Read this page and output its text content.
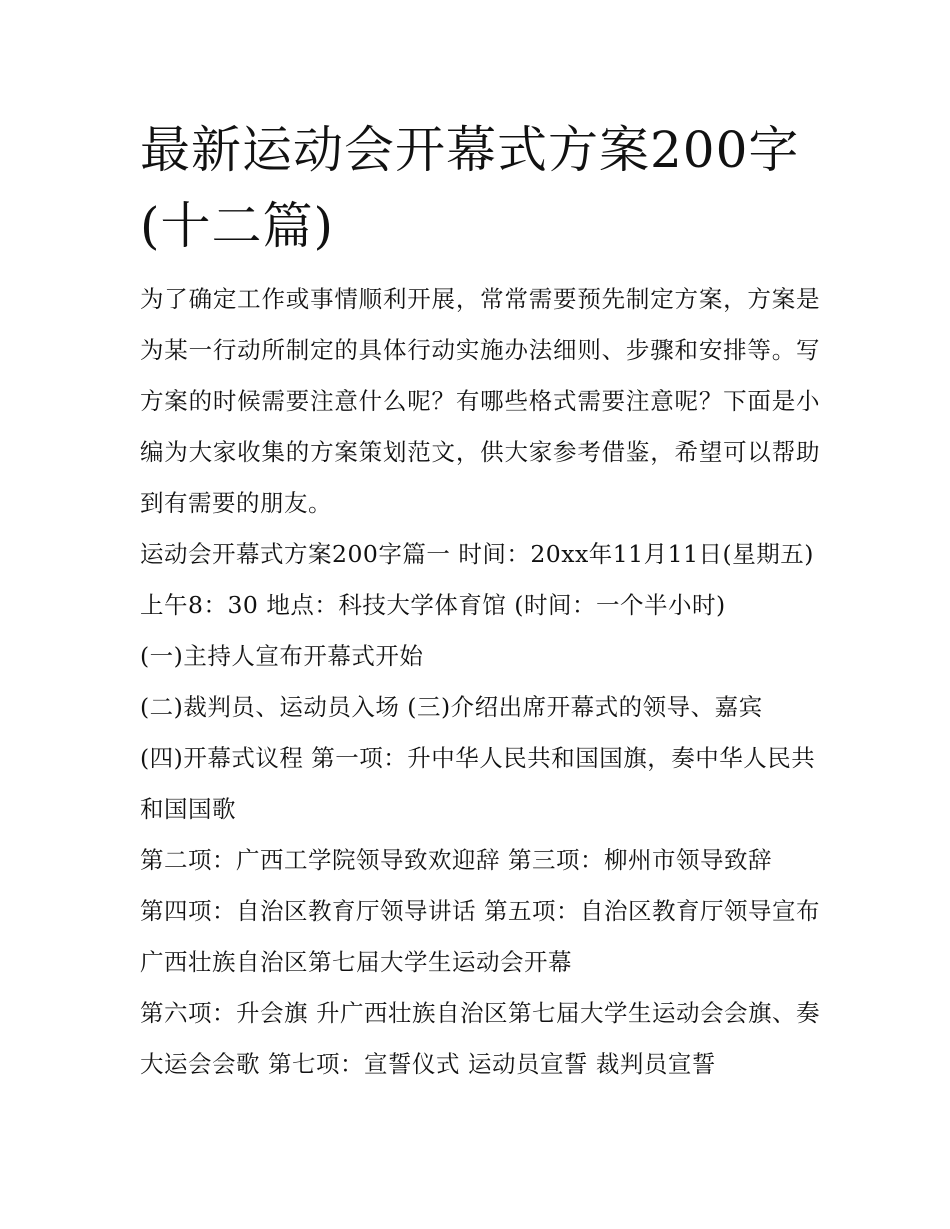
最新运动会开幕式方案200字(十二篇)

为了确定工作或事情顺利开展，常常需要预先制定方案，方案是为某一行动所制定的具体行动实施办法细则、步骤和安排等。写方案的时候需要注意什么呢？有哪些格式需要注意呢？下面是小编为大家收集的方案策划范文，供大家参考借鉴，希望可以帮助到有需要的朋友。

运动会开幕式方案200字篇一 时间：20xx年11月11日(星期五)上午8：30 地点：科技大学体育馆 (时间：一个半小时)

(一)主持人宣布开幕式开始

(二)裁判员、运动员入场 (三)介绍出席开幕式的领导、嘉宾

(四)开幕式议程 第一项：升中华人民共和国国旗，奏中华人民共和国国歌

第二项：广西工学院领导致欢迎辞 第三项：柳州市领导致辞

第四项：自治区教育厅领导讲话 第五项：自治区教育厅领导宣布广西壮族自治区第七届大学生运动会开幕

第六项：升会旗 升广西壮族自治区第七届大学生运动会会旗、奏大运会会歌 第七项：宣誓仪式 运动员宣誓 裁判员宣誓
